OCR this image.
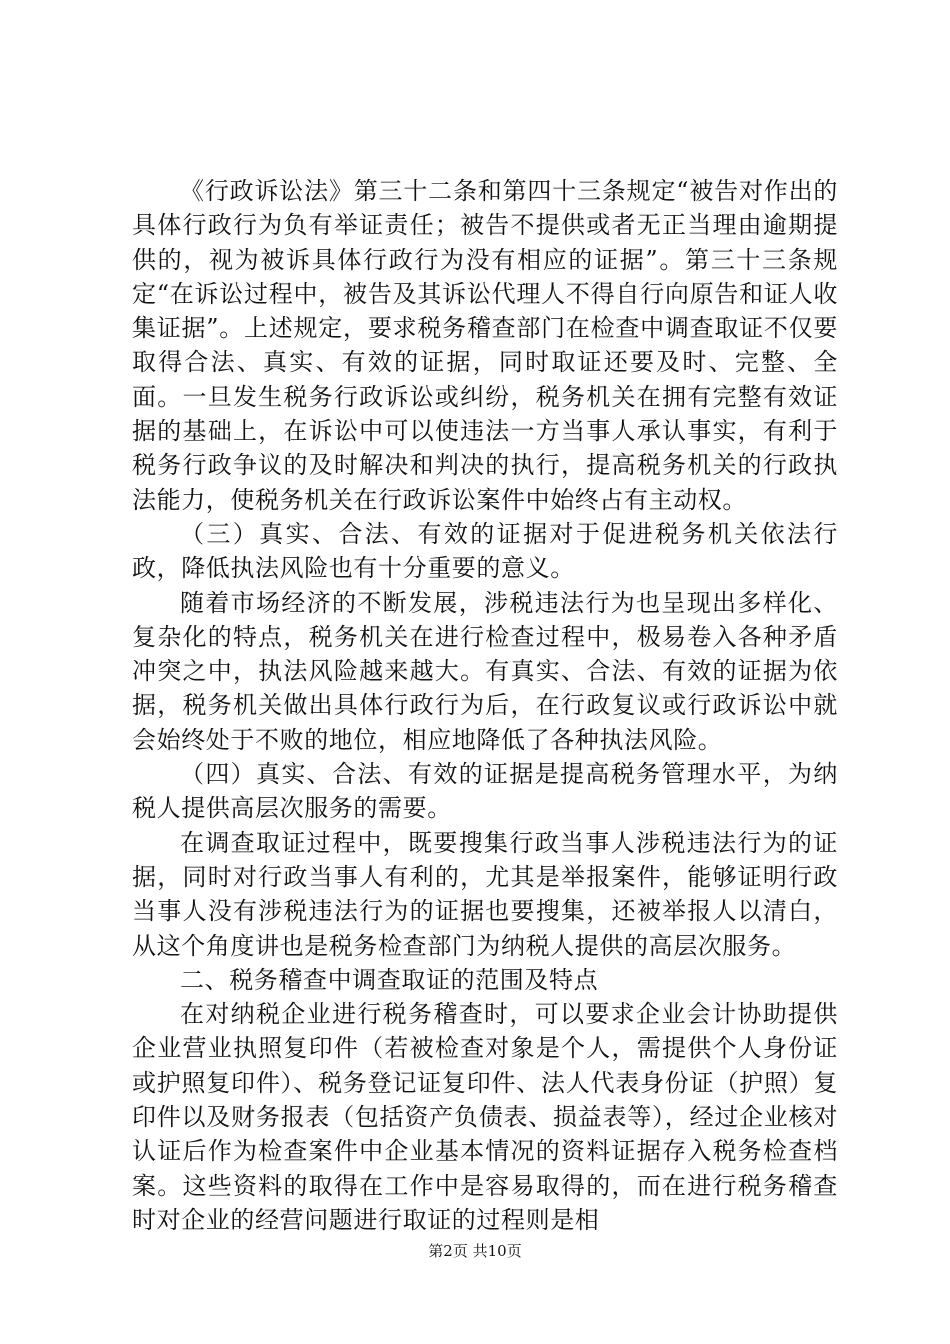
《行政诉讼法》第三十二条和第四十三条规定“被告对作出的具体行政行为负有举证责任；被告不提供或者无正当理由逾期提供的，视为被诉具体行政行为没有相应的证据”。第三十三条规定“在诉讼过程中，被告及其诉讼代理人不得自行向原告和证人收集证据”。上述规定，要求税务稽查部门在检查中调查取证不仅要取得合法、真实、有效的证据，同时取证还要及时、完整、全面。一旦发生税务行政诉讼或纠纷，税务机关在拥有完整有效证据的基础上，在诉讼中可以使违法一方当事人承认事实，有利于税务行政争议的及时解决和判决的执行，提高税务机关的行政执法能力，使税务机关在行政诉讼案件中始终占有主动权。

（三）真实、合法、有效的证据对于促进税务机关依法行政，降低执法风险也有十分重要的意义。

随着市场经济的不断发展，涉税违法行为也呈现出多样化、复杂化的特点，税务机关在进行检查过程中，极易卷入各种矛盾冲突之中，执法风险越来越大。有真实、合法、有效的证据为依据，税务机关做出具体行政行为后，在行政复议或行政诉讼中就会始终处于不败的地位，相应地降低了各种执法风险。

（四）真实、合法、有效的证据是提高税务管理水平，为纳税人提供高层次服务的需要。

在调查取证过程中，既要搜集行政当事人涉税违法行为的证据，同时对行政当事人有利的，尤其是举报案件，能够证明行政当事人没有涉税违法行为的证据也要搜集，还被举报人以清白，从这个角度讲也是税务检查部门为纳税人提供的高层次服务。

二、税务稽查中调查取证的范围及特点

在对纳税企业进行税务稽查时，可以要求企业会计协助提供企业营业执照复印件（若被检查对象是个人，需提供个人身份证或护照复印件）、税务登记证复印件、法人代表身份证（护照）复印件以及财务报表（包括资产负债表、损益表等），经过企业核对认证后作为检查案件中企业基本情况的资料证据存入税务检查档案。这些资料的取得在工作中是容易取得的，而在进行税务稽查时对企业的经营问题进行取证的过程则是相

第2页 共10页
